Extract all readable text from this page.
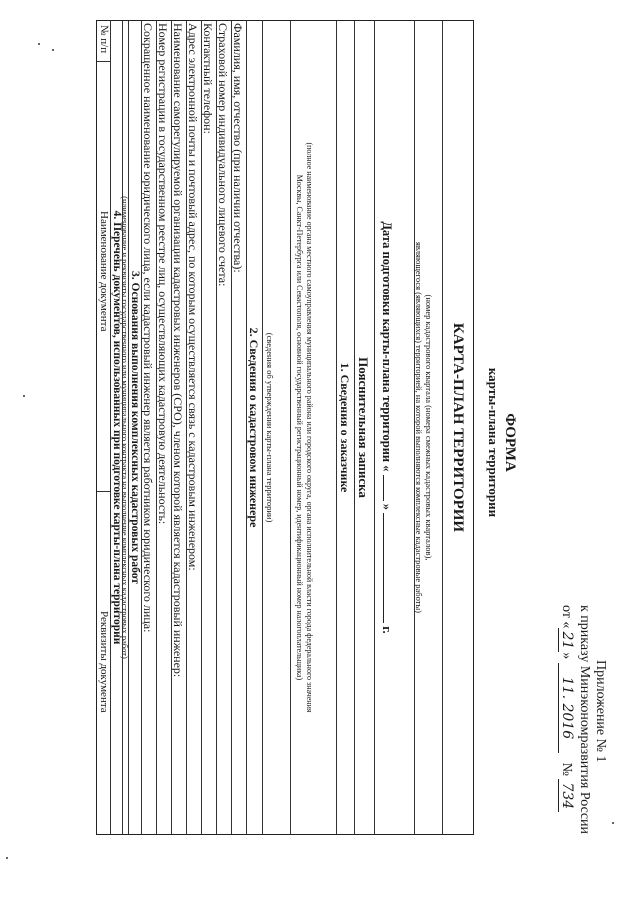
Приложение № 1
к приказу Минэкономразвития России
от «21» 11. 2016 № 734
ФОРМА
карты-плана территории
КАРТА-ПЛАН ТЕРРИТОРИИ
(номер кадастрового квартала (номера смежных кадастровых кварталов),
являющегося (являющихся) территорией, на которой выполняются комплексные кадастровые работы)
Дата подготовки карты-плана территории «  »  г.
Пояснительная записка
1. Сведения о заказчике
(полное наименование органа местного самоуправления муниципального района или городского округа, органа исполнительной власти города федерального значения
Москвы, Санкт-Петербурга или Севастополя, основной государственный регистрационный номер, идентификационный номер налогоплательщика)
(сведения об утверждении карты-плана территории)
2. Сведения о кадастровом инженере
Фамилия, имя, отчество (при наличии отчества):
Страховой номер индивидуального лицевого счета:
Контактный телефон:
Адрес электронной почты и почтовый адрес, по которым осуществляется связь с кадастровым инженером:
Наименование саморегулируемой организации кадастровых инженеров (СРО), членом которой является кадастровый инженер:
Номер регистрации в государственном реестре лиц, осуществляющих кадастровую деятельность:
Сокращенное наименование юридического лица, если кадастровый инженер является работником юридического лица:
3. Основания выполнения комплексных кадастровых работ
(наименование и реквизиты государственного или муниципального контракта на выполнение комплексных кадастровых работ)
4. Перечень документов, использованных при подготовке карты-плана территории
№ п/п
Наименование документа
Реквизиты документа
